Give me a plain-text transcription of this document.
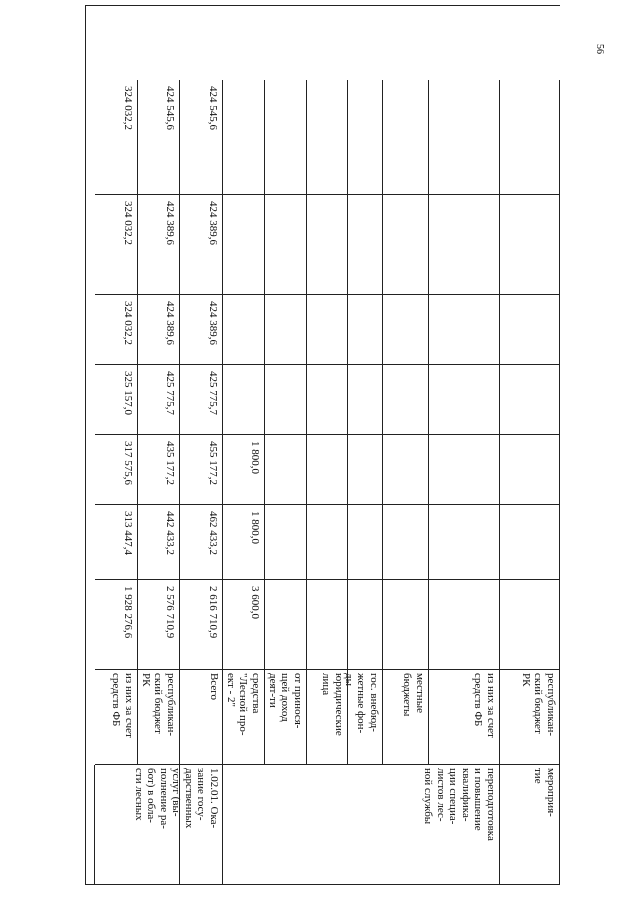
56
мероприя-
тие
республикан-
ский бюджет
РК
из них за счет
средств ФБ
местные
бюджеты
гос. внебюд-
жетные фон-
ды
юридические
лица
от принося-
щей доход
деят-ти
средства
"Лесной про-
ект - 2"
3 600,0
1 800,0
1 800,0
переподготовка
и повышение
квалифика-
ции специа-
листов лес-
ной службы
Всего
2 616 710,9
462 433,2
455 177,2
425 775,7
424 389,6
424 389,6
424 545,6
республикан-
ский бюджет
РК
2 576 710,9
442 433,2
435 177,2
425 775,7
424 389,6
424 389,6
424 545,6
из них за счет
средств ФБ
1 928 276,6
313 447,4
317 575,6
325 157,0
324 032,2
324 032,2
324 032,2
1.02.01. Ока-
зание госу-
дарственных
услуг (вы-
полнение ра-
бот) в обла-
сти лесных
